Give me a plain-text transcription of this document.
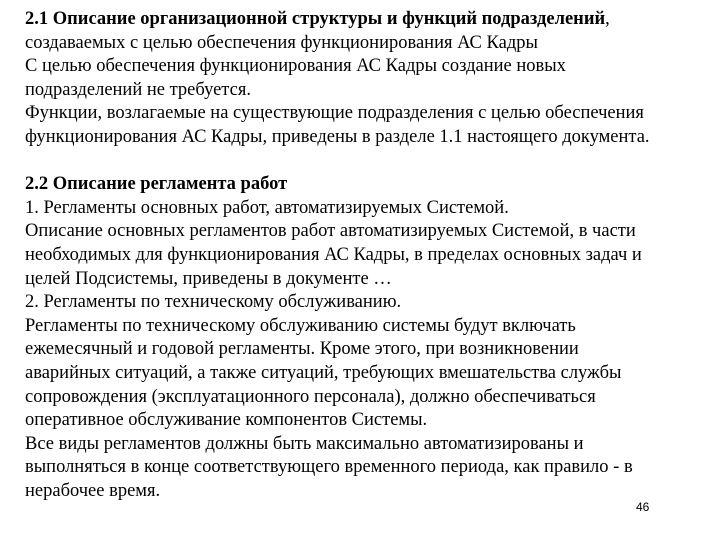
2.1 Описание организационной структуры и функций подразделений,
создаваемых с целью обеспечения функционирования АС Кадры
С целью обеспечения функционирования АС Кадры создание новых
подразделений не требуется.
Функции, возлагаемые на существующие подразделения с целью обеспечения
функционирования АС Кадры, приведены в разделе 1.1 настоящего документа.
2.2 Описание регламента работ
1. Регламенты основных работ, автоматизируемых Системой.
Описание основных регламентов работ автоматизируемых Системой, в части
необходимых для функционирования АС Кадры, в пределах основных задач и
целей Подсистемы, приведены в документе …
2. Регламенты по техническому обслуживанию.
Регламенты по техническому обслуживанию системы будут включать
ежемесячный и годовой регламенты. Кроме этого, при возникновении
аварийных ситуаций, а также ситуаций, требующих вмешательства службы
сопровождения (эксплуатационного персонала), должно обеспечиваться
оперативное обслуживание компонентов Системы.
Все виды регламентов должны быть максимально автоматизированы и
выполняться в конце соответствующего временного периода, как правило - в
нерабочее время.
46
